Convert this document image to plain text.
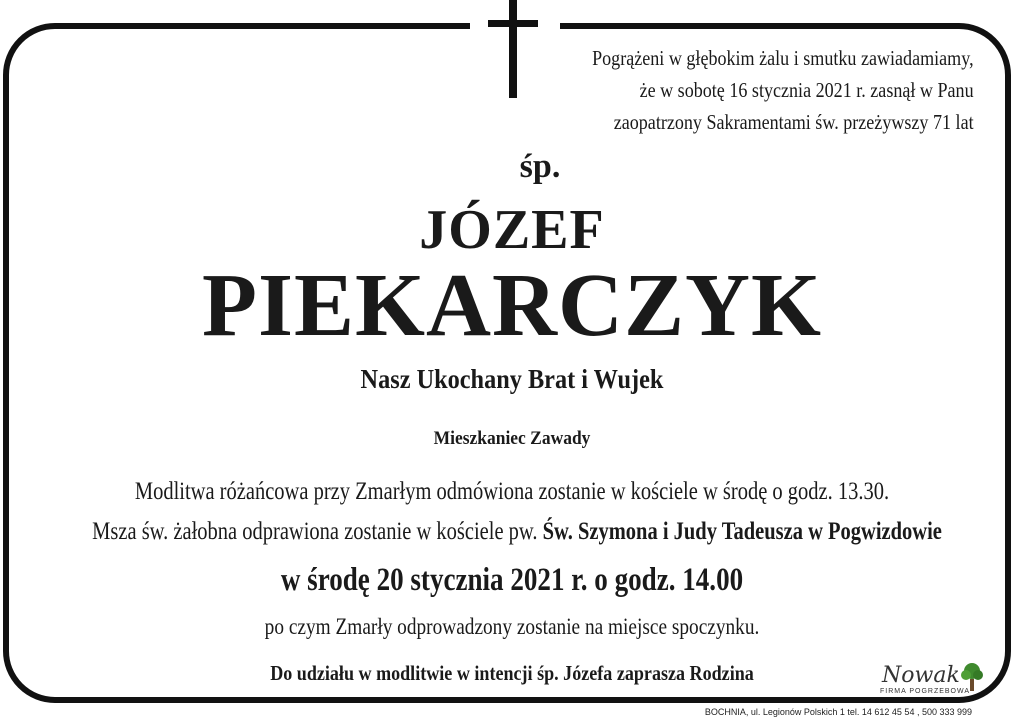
Pogrążeni w głębokim żalu i smutku zawiadamiamy,
że w sobotę 16 stycznia 2021 r. zasnął w Panu
zaopatrzony Sakramentami św. przeżywszy 71 lat
śp.
JÓZEF
PIEKARCZYK
Nasz Ukochany Brat i Wujek
Mieszkaniec Zawady
Modlitwa różańcowa przy Zmarłym odmówiona zostanie w kościele w środę o godz. 13.30.
Msza św. żałobna odprawiona zostanie w kościele pw. Św. Szymona i Judy Tadeusza w Pogwizdowie
w środę 20 stycznia 2021 r. o godz. 14.00
po czym Zmarły odprowadzony zostanie na miejsce spoczynku.
Do udziału w modlitwie w intencji śp. Józefa zaprasza Rodzina	Nowak
FIRMA POGRZEBOWA
BOCHNIA, ul. Legionów Polskich 1 tel. 14 612 45 54 , 500 333 999
